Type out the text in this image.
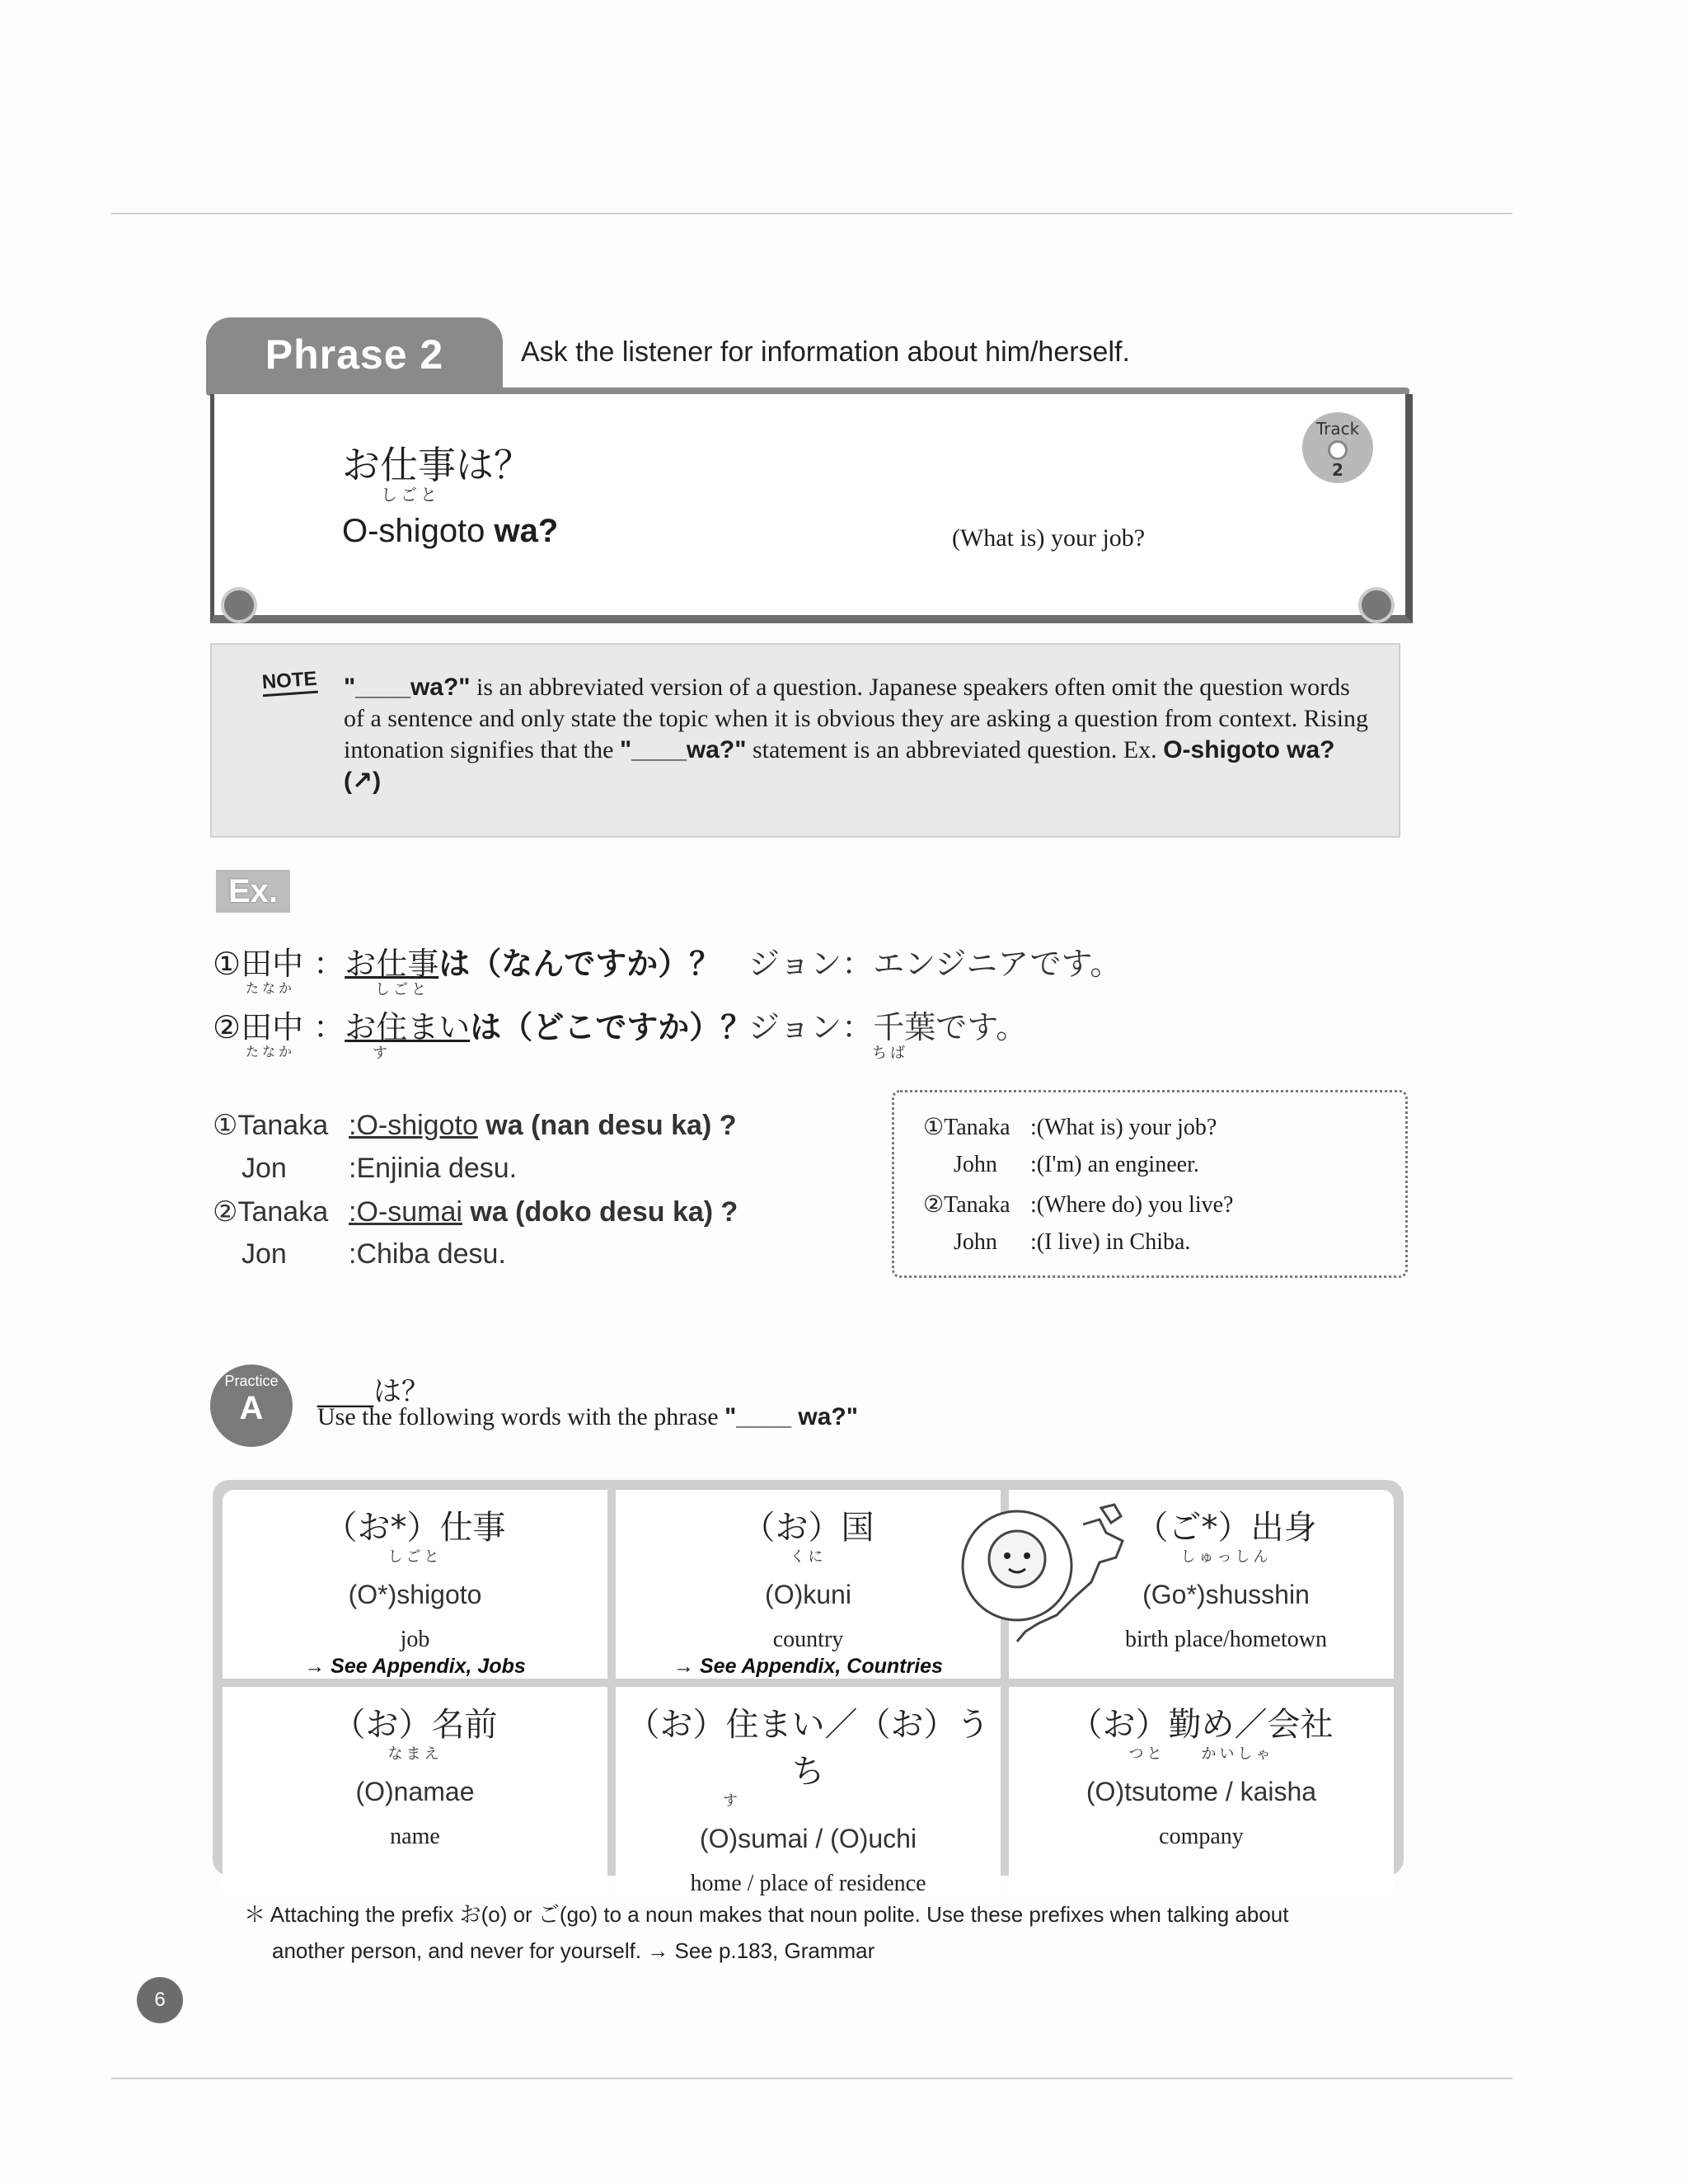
Phrase 2	Ask the listener for information about him/herself.
Track
2
お仕事は？
しごと
O-shigoto wa?	(What is) your job?
NOTE "____wa?" is an abbreviated version of a question. Japanese speakers often omit the question words of a sentence and only state the topic when it is obvious they are asking a question from context. Rising intonation signifies that the "____wa?" statement is an abbreviated question. Ex. O-shigoto wa? (↗)
Ex.
①田中 ：お仕事は（なんですか）？
たなか	しごと
ジョン：エンジニアです。
②田中 ：お住まいは（どこですか）？
たなか	す
ジョン：千葉です。
ちば
①Tanaka :O-shigoto wa (nan desu ka) ?
Jon :Enjinia desu.
②Tanaka :O-sumai wa (doko desu ka) ?
Jon :Chiba desu.
①Tanaka :(What is) your job?
John :(I'm) an engineer.
②Tanaka :(Where do) you live?
John :(I live) in Chiba.
Practice
A	____は？
Use the following words with the phrase "____ wa?"
（お*）仕事
しごと
(O*)shigoto
job
→ See Appendix, Jobs
（お）国
くに
(O)kuni
country
→ See Appendix, Countries
（ご*）出身
しゅっしん
(Go*)shusshin
birth place/hometown
（お）名前
なまえ
(O)namae
name
（お）住まい／（お）うち
す
(O)sumai / (O)uchi
home / place of residence
（お）勤め／会社
つと　　かいしゃ
(O)tsutome / kaisha
company
＊ Attaching the prefix お(o) or ご(go) to a noun makes that noun polite. Use these prefixes when talking about
another person, and never for yourself. → See p.183, Grammar
6
